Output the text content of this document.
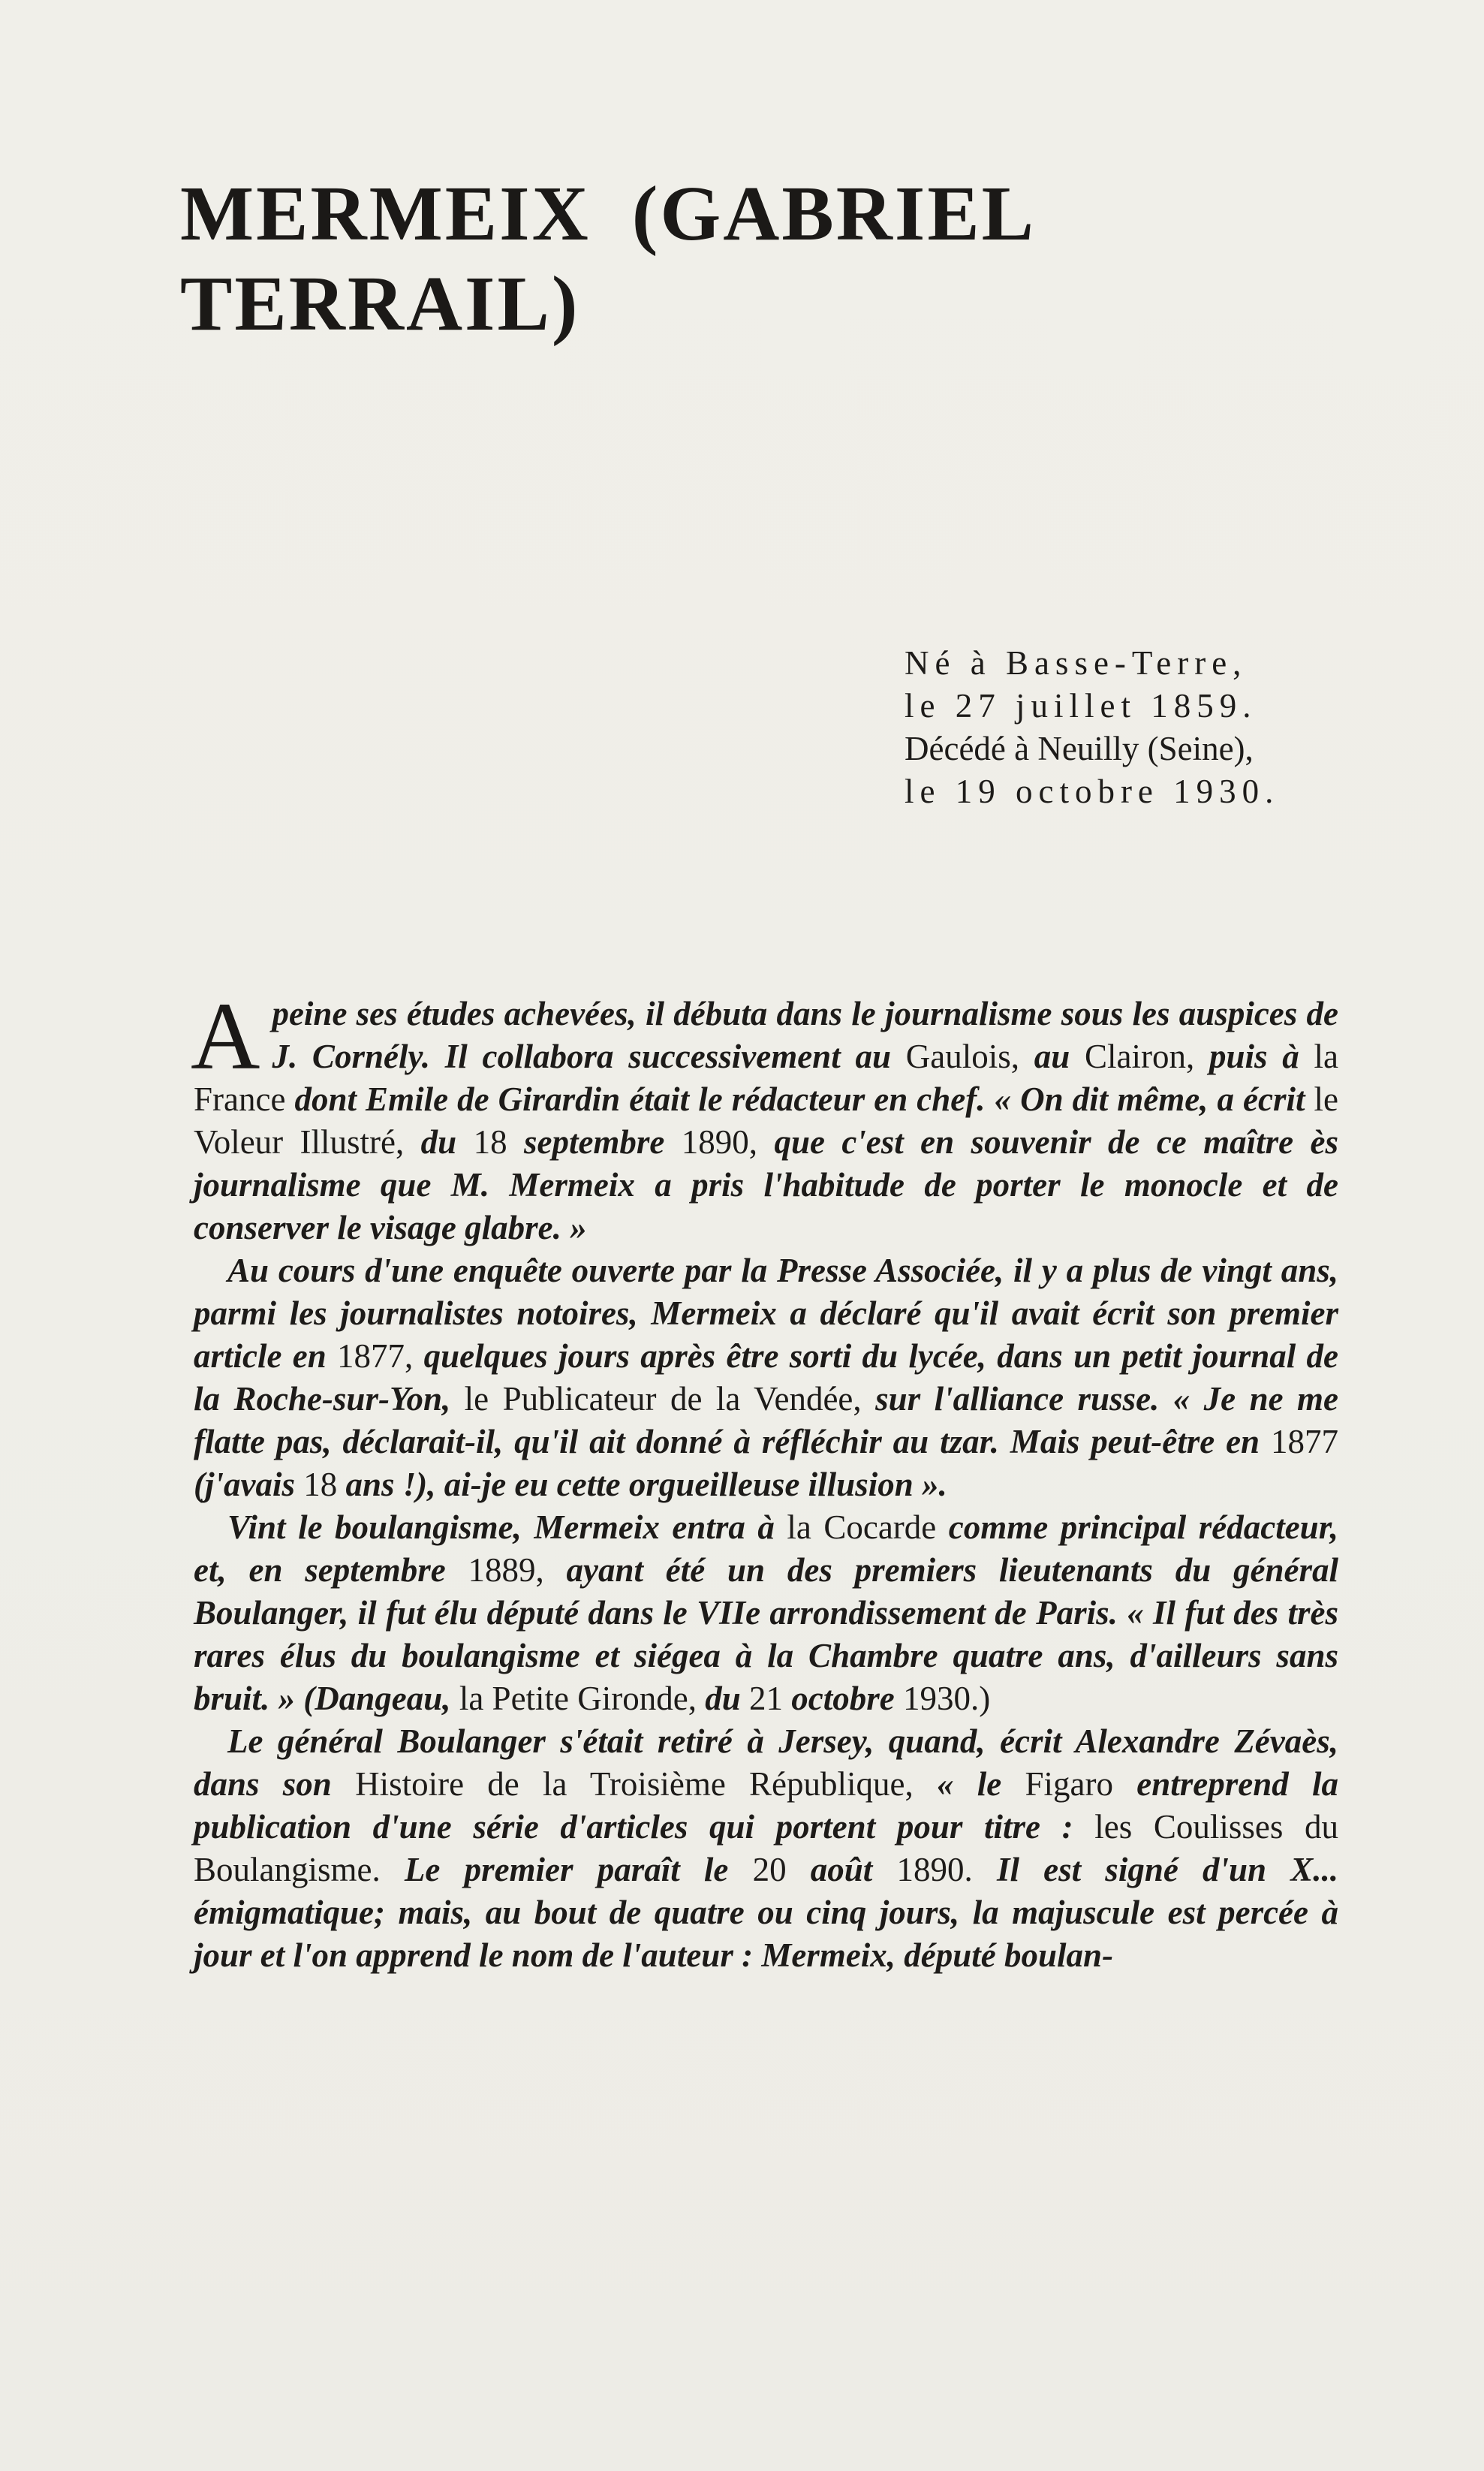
MERMEIX (GABRIEL TERRAIL)
Né à Basse-Terre,
le 27 juillet 1859.
Décédé à Neuilly (Seine),
le 19 octobre 1930.

Apeine ses études achevées, il débuta dans le journalisme sous les auspices de J. Cornély. Il collabora successivement au Gaulois, au Clairon, puis à la France dont Emile de Girardin était le rédacteur en chef. « On dit même, a écrit le Voleur Illustré, du 18 septembre 1890, que c'est en souvenir de ce maître ès journalisme que M. Mermeix a pris l'habitude de porter le monocle et de conserver le visage glabre. »

Au cours d'une enquête ouverte par la Presse Associée, il y a plus de vingt ans, parmi les journalistes notoires, Mermeix a déclaré qu'il avait écrit son premier article en 1877, quelques jours après être sorti du lycée, dans un petit journal de la Roche-sur-Yon, le Publicateur de la Vendée, sur l'alliance russe. « Je ne me flatte pas, déclarait-il, qu'il ait donné à réfléchir au tzar. Mais peut-être en 1877 (j'avais 18 ans !), ai-je eu cette orgueilleuse illusion ».

Vint le boulangisme, Mermeix entra à la Cocarde comme principal rédacteur, et, en septembre 1889, ayant été un des premiers lieutenants du général Boulanger, il fut élu député dans le VIIe arrondissement de Paris. « Il fut des très rares élus du boulangisme et siégea à la Chambre quatre ans, d'ailleurs sans bruit. » (Dangeau, la Petite Gironde, du 21 octobre 1930.)

Le général Boulanger s'était retiré à Jersey, quand, écrit Alexandre Zévaès, dans son Histoire de la Troisième République, « le Figaro entreprend la publication d'une série d'articles qui portent pour titre : les Coulisses du Boulangisme. Le premier paraît le 20 août 1890. Il est signé d'un X... émigmatique; mais, au bout de quatre ou cinq jours, la majuscule est percée à jour et l'on apprend le nom de l'auteur : Mermeix, député boulan-
